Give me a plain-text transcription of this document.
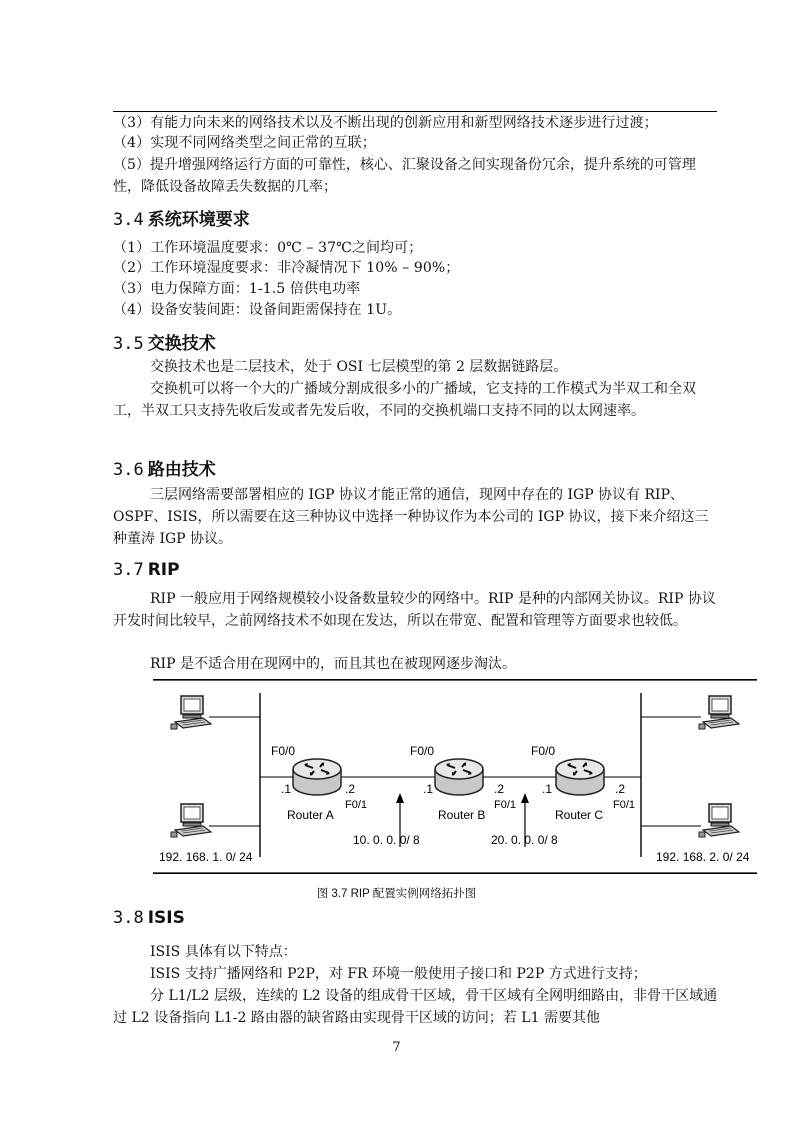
（3）有能力向未来的网络技术以及不断出现的创新应用和新型网络技术逐步进行过渡；
（4）实现不同网络类型之间正常的互联；
（5）提升增强网络运行方面的可靠性，核心、汇聚设备之间实现备份冗余，提升系统的可管理性，降低设备故障丢失数据的几率；
3.4 系统环境要求
（1）工作环境温度要求：0℃ – 37℃之间均可；
（2）工作环境湿度要求：非冷凝情况下 10% – 90%；
（3）电力保障方面：1-1.5 倍供电功率
（4）设备安装间距：设备间距需保持在 1U。
3.5 交换技术
交换技术也是二层技术，处于 OSI 七层模型的第 2 层数据链路层。
交换机可以将一个大的广播域分割成很多小的广播域，它支持的工作模式为半双工和全双工，半双工只支持先收后发或者先发后收，不同的交换机端口支持不同的以太网速率。
3.6 路由技术
三层网络需要部署相应的 IGP 协议才能正常的通信，现网中存在的 IGP 协议有 RIP、OSPF、ISIS，所以需要在这三种协议中选择一种协议作为本公司的 IGP 协议，接下来介绍这三种董涛 IGP 协议。
3.7 RIP
RIP 一般应用于网络规模较小设备数量较少的网络中。RIP 是种的内部网关协议。RIP 协议开发时间比较早，之前网络技术不如现在发达，所以在带宽、配置和管理等方面要求也较低。
RIP 是不适合用在现网中的，而且其也在被现网逐步淘汰。
F0/0	F0/0	F0/0
.1	.2	.1	.2	.1	.2
F0/1	F0/1	F0/1
Router A	Router B	Router C
10. 0. 0. 0/ 8	20. 0. 0. 0/ 8
192. 168. 1. 0/ 24	192. 168. 2. 0/ 24
图 3.7 RIP 配置实例网络拓扑图
3.8 ISIS
ISIS 具体有以下特点：
ISIS 支持广播网络和 P2P，对 FR 环境一般使用子接口和 P2P 方式进行支持；
分 L1/L2 层级，连续的 L2 设备的组成骨干区域，骨干区域有全网明细路由，非骨干区域通过 L2 设备指向 L1-2 路由器的缺省路由实现骨干区域的访问；若 L1 需要其他
7
